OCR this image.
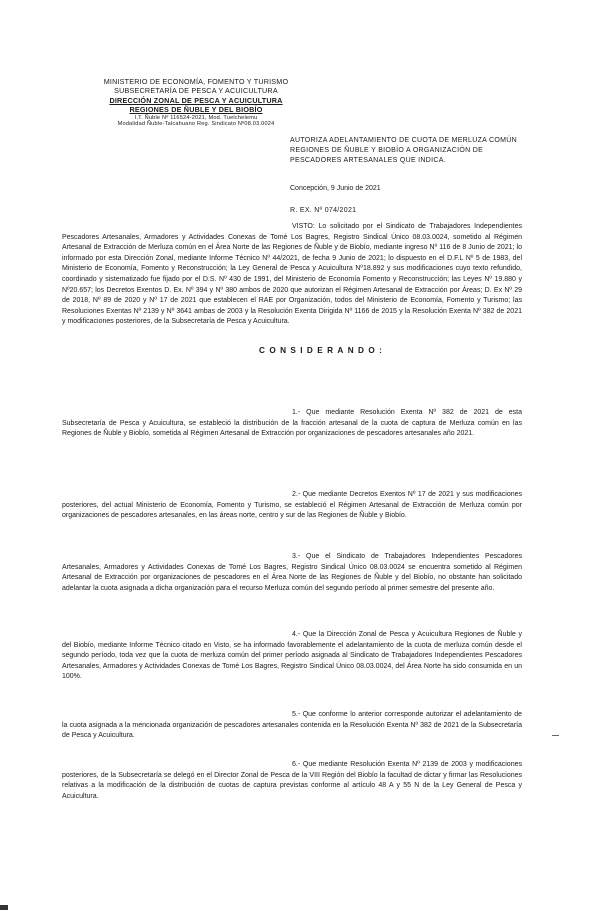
MINISTERIO DE ECONOMÍA, FOMENTO Y TURISMO
SUBSECRETARÍA DE PESCA Y ACUICULTURA
DIRECCIÓN ZONAL DE PESCA Y ACUICULTURA
REGIONES DE ÑUBLE Y DEL BIOBÍO
I.T. Ñuble Nº 116524-2021, Mod. Tuelchelemu
Modalidad Ñuble-Talcahuano Reg. Sindicato Nº08.03.0024
AUTORIZA ADELANTAMIENTO DE CUOTA DE MERLUZA COMÚN REGIONES DE ÑUBLE Y BIOBÍO A ORGANIZACIÓN DE PESCADORES ARTESANALES QUE INDICA.
Concepción, 9 Junio de 2021
R. EX. Nº 074/2021
VISTO: Lo solicitado por el Sindicato de Trabajadores Independientes Pescadores Artesanales, Armadores y Actividades Conexas de Tomé Los Bagres, Registro Sindical Único 08.03.0024, sometido al Régimen Artesanal de Extracción de Merluza común en el Área Norte de las Regiones de Ñuble y de Biobío, mediante ingreso Nº 116 de 8 Junio de 2021; lo informado por esta Dirección Zonal, mediante Informe Técnico Nº 44/2021, de fecha 9 Junio de 2021; lo dispuesto en el D.F.L Nº 5 de 1983, del Ministerio de Economía, Fomento y Reconstrucción; la Ley General de Pesca y Acuicultura Nº18.892 y sus modificaciones cuyo texto refundido, coordinado y sistematizado fue fijado por el D.S. Nº 430 de 1991, del Ministerio de Economía Fomento y Reconstrucción; las Leyes Nº 19.880 y Nº20.657; los Decretos Exentos D. Ex. Nº 394 y Nº 380 ambos de 2020 que autorizan el Régimen Artesanal de Extracción por Áreas; D. Ex Nº 29 de 2018, Nº 89 de 2020 y Nº 17 de 2021 que establecen el RAE por Organización, todos del Ministerio de Economía, Fomento y Turismo; las Resoluciones Exentas Nº 2139 y Nº 3641 ambas de 2003 y la Resolución Exenta Dirigida Nº 1166 de 2015 y la Resolución Exenta Nº 382 de 2021 y modificaciones posteriores, de la Subsecretaría de Pesca y Acuicultura.
CONSIDERANDO:
1.- Que mediante Resolución Exenta Nº 382 de 2021 de esta Subsecretaría de Pesca y Acuicultura, se estableció la distribución de la fracción artesanal de la cuota de captura de Merluza común en las Regiones de Ñuble y Biobío, sometida al Régimen Artesanal de Extracción por organizaciones de pescadores artesanales año 2021.
2.- Que mediante Decretos Exentos Nº 17 de 2021 y sus modificaciones posteriores, del actual Ministerio de Economía, Fomento y Turismo, se estableció el Régimen Artesanal de Extracción de Merluza común por organizaciones de pescadores artesanales, en las áreas norte, centro y sur de las Regiones de Ñuble y Biobío.
3.- Que el Sindicato de Trabajadores Independientes Pescadores Artesanales, Armadores y Actividades Conexas de Tomé Los Bagres, Registro Sindical Único 08.03.0024 se encuentra sometido al Régimen Artesanal de Extracción por organizaciones de pescadores en el Área Norte de las Regiones de Ñuble y del Biobío, no obstante han solicitado adelantar la cuota asignada a dicha organización para el recurso Merluza común del segundo período al primer semestre del presente año.
4.- Que la Dirección Zonal de Pesca y Acuicultura Regiones de Ñuble y del Biobío, mediante Informe Técnico citado en Visto, se ha informado favorablemente el adelantamiento de la cuota de merluza común desde el segundo período, toda vez que la cuota de merluza común del primer período asignada al Sindicato de Trabajadores Independientes Pescadores Artesanales, Armadores y Actividades Conexas de Tomé Los Bagres, Registro Sindical Único 08.03.0024, del Área Norte ha sido consumida en un 100%.
5.- Que conforme lo anterior corresponde autorizar el adelantamiento de la cuota asignada a la mencionada organización de pescadores artesanales contenida en la Resolución Exenta Nº 382 de 2021 de la Subsecretaría de Pesca y Acuicultura.
6.- Que mediante Resolución Exenta Nº 2139 de 2003 y modificaciones posteriores, de la Subsecretaría se delegó en el Director Zonal de Pesca de la VIII Región del Biobío la facultad de dictar y firmar las Resoluciones relativas a la modificación de la distribución de cuotas de captura previstas conforme al artículo 48 A y 55 N de la Ley General de Pesca y Acuicultura.
